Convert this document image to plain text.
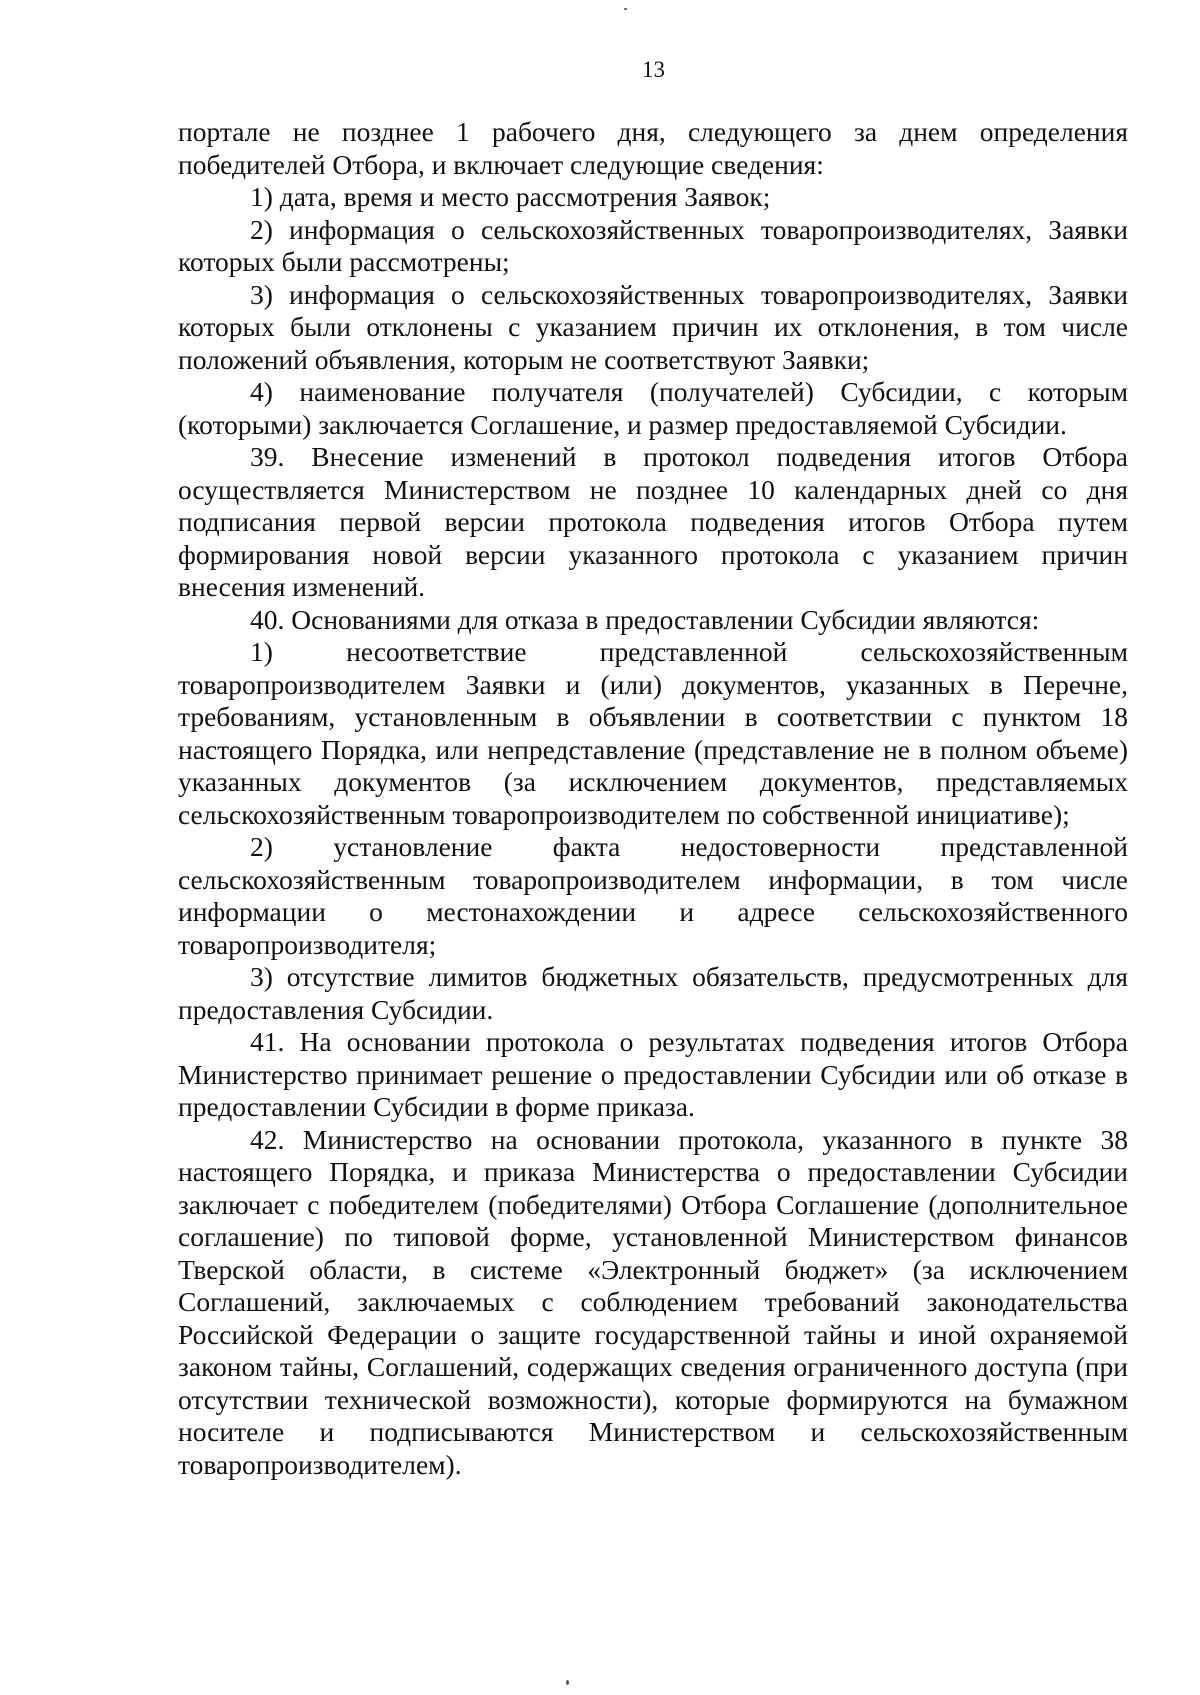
13

порталe не позднее 1 рабочего дня, следующего за днем определения победителей Отбора, и включает следующие сведения:

1) дата, время и место рассмотрения Заявок;

2) информация о сельскохозяйственных товаропроизводителях, Заявки которых были рассмотрены;

3) информация о сельскохозяйственных товаропроизводителях, Заявки которых были отклонены с указанием причин их отклонения, в том числе положений объявления, которым не соответствуют Заявки;

4) наименование получателя (получателей) Субсидии, с которым (которыми) заключается Соглашение, и размер предоставляемой Субсидии.

39. Внесение изменений в протокол подведения итогов Отбора осуществляется Министерством не позднее 10 календарных дней со дня подписания первой версии протокола подведения итогов Отбора путем формирования новой версии указанного протокола с указанием причин внесения изменений.

40. Основаниями для отказа в предоставлении Субсидии являются:

1) несоответствие представленной сельскохозяйственным товаропроизводителем Заявки и (или) документов, указанных в Перечне, требованиям, установленным в объявлении в соответствии с пунктом 18 настоящего Порядка, или непредставление (представление не в полном объеме) указанных документов (за исключением документов, представляемых сельскохозяйственным товаропроизводителем по собственной инициативе);

2) установление факта недостоверности представленной сельскохозяйственным товаропроизводителем информации, в том числе информации о местонахождении и адресе сельскохозяйственного товаропроизводителя;

3) отсутствие лимитов бюджетных обязательств, предусмотренных для предоставления Субсидии.

41. На основании протокола о результатах подведения итогов Отбора Министерство принимает решение о предоставлении Субсидии или об отказе в предоставлении Субсидии в форме приказа.

42. Министерство на основании протокола, указанного в пункте 38 настоящего Порядка, и приказа Министерства о предоставлении Субсидии заключает с победителем (победителями) Отбора Соглашение (дополнительное соглашение) по типовой форме, установленной Министерством финансов Тверской области, в системе «Электронный бюджет» (за исключением Соглашений, заключаемых с соблюдением требований законодательства Российской Федерации о защите государственной тайны и иной охраняемой законом тайны, Соглашений, содержащих сведения ограниченного доступа (при отсутствии технической возможности), которые формируются на бумажном носителе и подписываются Министерством и сельскохозяйственным товаропроизводителем).
